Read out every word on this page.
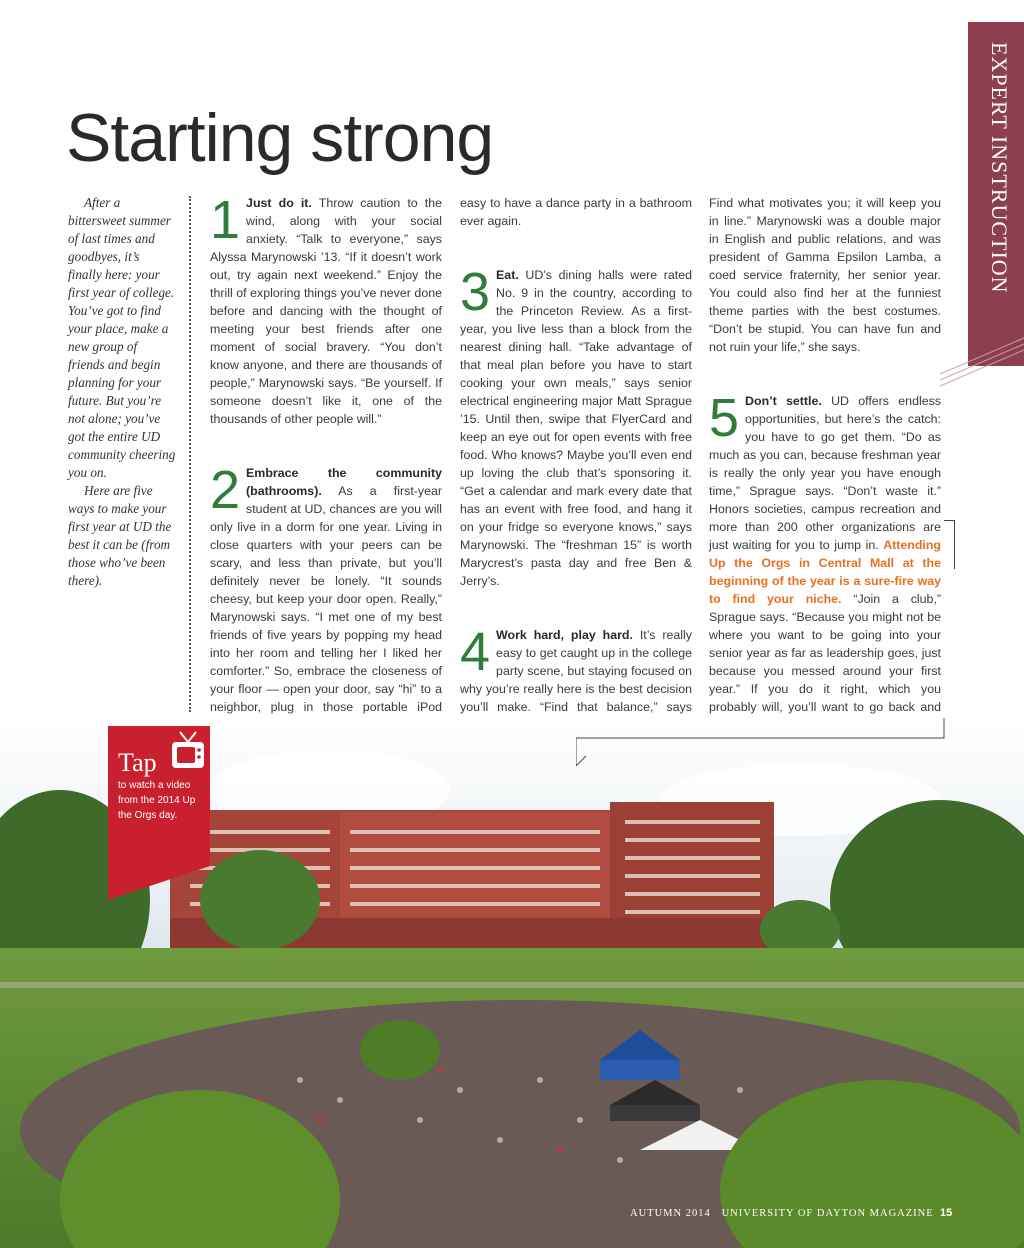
EXPERT INSTRUCTION
Starting strong

After a bittersweet summer of last times and goodbyes, it’s finally here: your first year of college. You’ve got to find your place, make a new group of friends and begin planning for your future. But you’re not alone; you’ve got the entire UD community cheering you on.

Here are five ways to make your first year at UD the best it can be (from those who’ve been there).

1 Just do it. Throw caution to the wind, along with your social anxiety. “Talk to everyone,” says Alyssa Marynowski ’13. “If it doesn’t work out, try again next weekend.” Enjoy the thrill of exploring things you’ve never done before and dancing with the thought of meeting your best friends after one moment of social bravery. “You don’t know anyone, and there are thousands of people,” Marynowski says. “Be yourself. If someone doesn’t like it, one of the thousands of other people will.”

2 Embrace the community (bathrooms). As a first-year student at UD, chances are you will only live in a dorm for one year. Living in close quarters with your peers can be scary, and less than private, but you’ll definitely never be lonely. “It sounds cheesy, but keep your door open. Really,” Marynowski says. “I met one of my best friends of five years by popping my head into her room and telling her I liked her comforter.” So, embrace the closeness of your floor — open your door, say “hi” to a neighbor, plug in those portable iPod

easy to have a dance party in a bathroom ever again.

3 Eat. UD’s dining halls were rated No. 9 in the country, according to the Princeton Review. As a first-year, you live less than a block from the nearest dining hall. “Take advantage of that meal plan before you have to start cooking your own meals,” says senior electrical engineering major Matt Sprague ’15. Until then, swipe that FlyerCard and keep an eye out for open events with free food. Who knows? Maybe you’ll even end up loving the club that’s sponsoring it. “Get a calendar and mark every date that has an event with free food, and hang it on your fridge so everyone knows,” says Marynowski. The “freshman 15” is worth Marycrest’s pasta day and free Ben & Jerry’s.

4 Work hard, play hard. It’s really easy to get caught up in the college party scene, but staying focused on why you’re really here is the best decision you’ll make. “Find that balance,” says

Find what motivates you; it will keep you in line.” Marynowski was a double major in English and public relations, and was president of Gamma Epsilon Lamba, a coed service fraternity, her senior year. You could also find her at the funniest theme parties with the best costumes. “Don’t be stupid. You can have fun and not ruin your life,” she says.

5 Don’t settle. UD offers endless opportunities, but here’s the catch: you have to go get them. “Do as much as you can, because freshman year is really the only year you have enough time,” Sprague says. “Don’t waste it.” Honors societies, campus recreation and more than 200 other organizations are just waiting for you to jump in. Attending Up the Orgs in Central Mall at the beginning of the year is a sure-fire way to find your niche. “Join a club,” Sprague says. “Because you might not be where you want to be going into your senior year as far as leadership goes, just because you messed around your first year.” If you do it right, which you probably will, you’ll want to go back and

Tap
to watch a video from the 2014 Up the Orgs day.
AUTUMN 2014 UNIVERSITY OF DAYTON MAGAZINE 15
